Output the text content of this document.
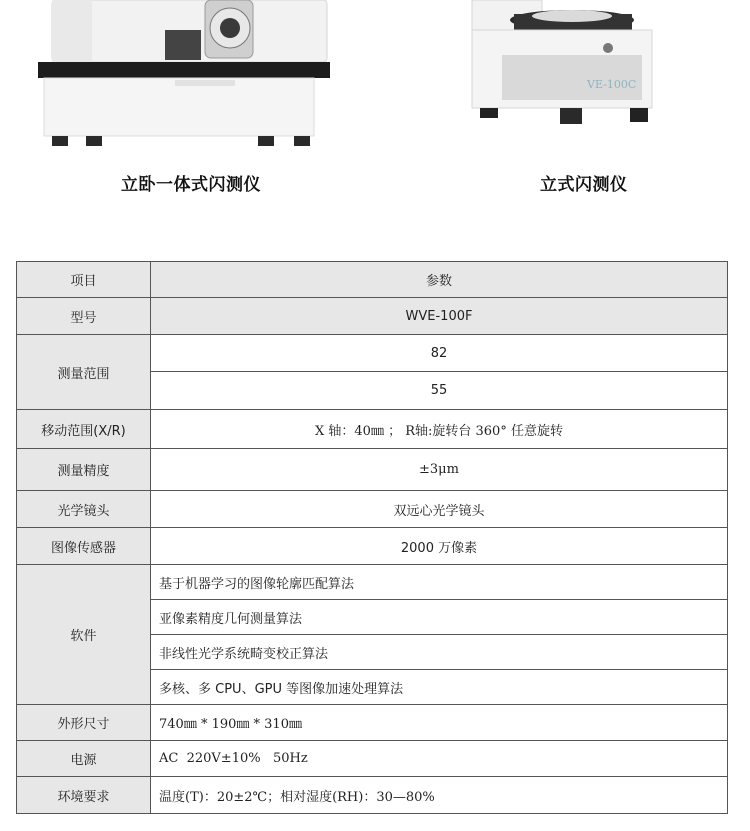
VE-100C
立卧一体式闪测仪	立式闪测仪
项目	参数
型号	WVE-100F
测量范围	82
	55
移动范围(X/R)	X 轴：40㎜ ； R轴:旋转台 360° 任意旋转
测量精度	±3μm
光学镜头	双远心光学镜头
图像传感器	2000 万像素
软件	基于机器学习的图像轮廓匹配算法
	亚像素精度几何测量算法
	非线性光学系统畸变校正算法
	多核、多 CPU、GPU 等图像加速处理算法
外形尺寸	740㎜ * 190㎜ * 310㎜
电源	AC  220V±10%   50Hz
环境要求	温度(T)：20±2℃；相对湿度(RH)：30—80%
